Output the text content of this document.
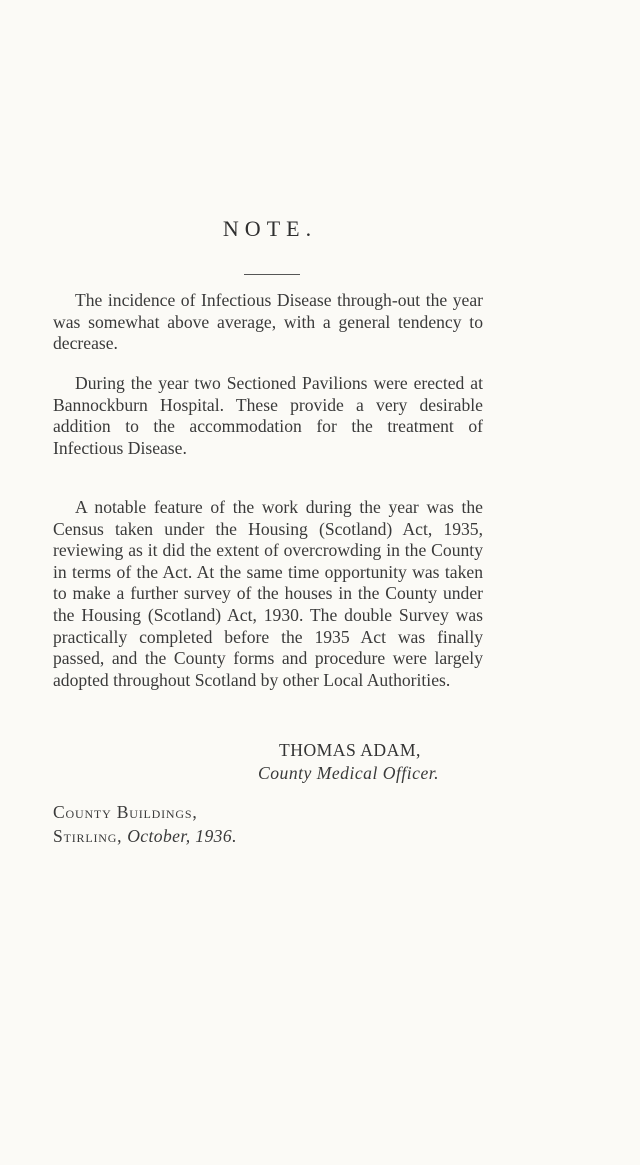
NOTE.

The incidence of Infectious Disease through-out the year was somewhat above average, with a general tendency to decrease.

During the year two Sectioned Pavilions were erected at Bannockburn Hospital. These provide a very desirable addition to the accommodation for the treatment of Infectious Disease.

A notable feature of the work during the year was the Census taken under the Housing (Scotland) Act, 1935, reviewing as it did the extent of overcrowding in the County in terms of the Act. At the same time opportunity was taken to make a further survey of the houses in the County under the Housing (Scotland) Act, 1930. The double Survey was practically completed before the 1935 Act was finally passed, and the County forms and procedure were largely adopted throughout Scotland by other Local Authorities.

THOMAS ADAM,
County Medical Officer.
County Buildings,
Stirling, October, 1936.
